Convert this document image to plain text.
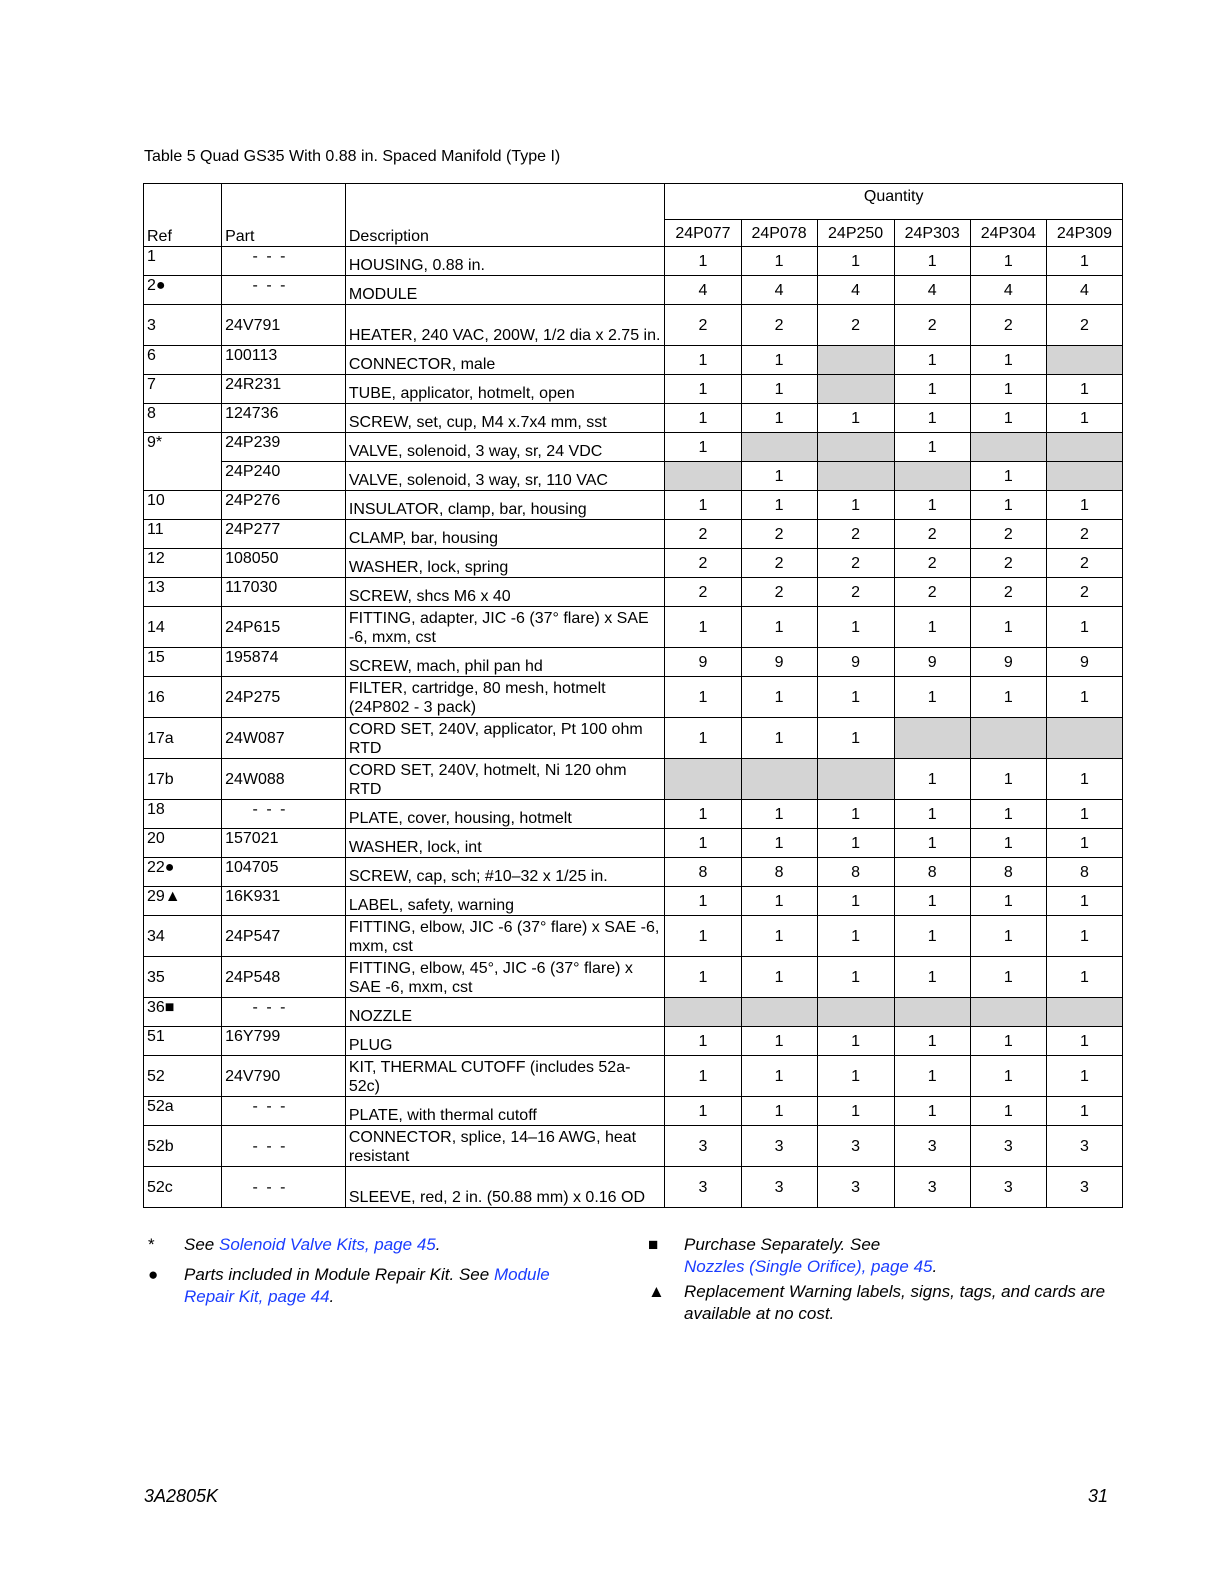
Table 5 Quad GS35 With 0.88 in. Spaced Manifold (Type I)
Ref	Part	Description	Quantity					
			24P077	24P078	24P250	24P303	24P304	24P309
1	- - -	HOUSING, 0.88 in.	1	1	1	1	1	1
2●	- - -	MODULE	4	4	4	4	4	4
3	24V791	HEATER, 240 VAC, 200W, 1/2 dia x 2.75 in.	2	2	2	2	2	2
6	100113	CONNECTOR, male	1	1		1	1	
7	24R231	TUBE, applicator, hotmelt, open	1	1		1	1	1
8	124736	SCREW, set, cup, M4 x.7x4 mm, sst	1	1	1	1	1	1
9*	24P239	VALVE, solenoid, 3 way, sr, 24 VDC	1			1		
	24P240	VALVE, solenoid, 3 way, sr, 110 VAC		1			1	
10	24P276	INSULATOR, clamp, bar, housing	1	1	1	1	1	1
11	24P277	CLAMP, bar, housing	2	2	2	2	2	2
12	108050	WASHER, lock, spring	2	2	2	2	2	2
13	117030	SCREW, shcs M6 x 40	2	2	2	2	2	2
14	24P615	FITTING, adapter, JIC -6 (37° flare) x SAE -6, mxm, cst	1	1	1	1	1	1
15	195874	SCREW, mach, phil pan hd	9	9	9	9	9	9
16	24P275	FILTER, cartridge, 80 mesh, hotmelt (24P802 - 3 pack)	1	1	1	1	1	1
17a	24W087	CORD SET, 240V, applicator, Pt 100 ohm RTD	1	1	1			
17b	24W088	CORD SET, 240V, hotmelt, Ni 120 ohm RTD				1	1	1
18	- - -	PLATE, cover, housing, hotmelt	1	1	1	1	1	1
20	157021	WASHER, lock, int	1	1	1	1	1	1
22●	104705	SCREW, cap, sch; #10–32 x 1/25 in.	8	8	8	8	8	8
29▲	16K931	LABEL, safety, warning	1	1	1	1	1	1
34	24P547	FITTING, elbow, JIC -6 (37° flare) x SAE -6, mxm, cst	1	1	1	1	1	1
35	24P548	FITTING, elbow, 45°, JIC -6 (37° flare) x SAE -6, mxm, cst	1	1	1	1	1	1
36■	- - -	NOZZLE						
51	16Y799	PLUG	1	1	1	1	1	1
52	24V790	KIT, THERMAL CUTOFF (includes 52a-52c)	1	1	1	1	1	1
52a	- - -	PLATE, with thermal cutoff	1	1	1	1	1	1
52b	- - -	CONNECTOR, splice, 14–16 AWG, heat resistant	3	3	3	3	3	3
52c	- - -	SLEEVE, red, 2 in. (50.88 mm) x 0.16 OD	3	3	3	3	3	3
* See Solenoid Valve Kits, page 45.
● Parts included in Module Repair Kit. See Module Repair Kit, page 44.
■ Purchase Separately. See
Nozzles (Single Orifice), page 45.
▲ Replacement Warning labels, signs, tags, and cards are available at no cost.
3A2805K	31
